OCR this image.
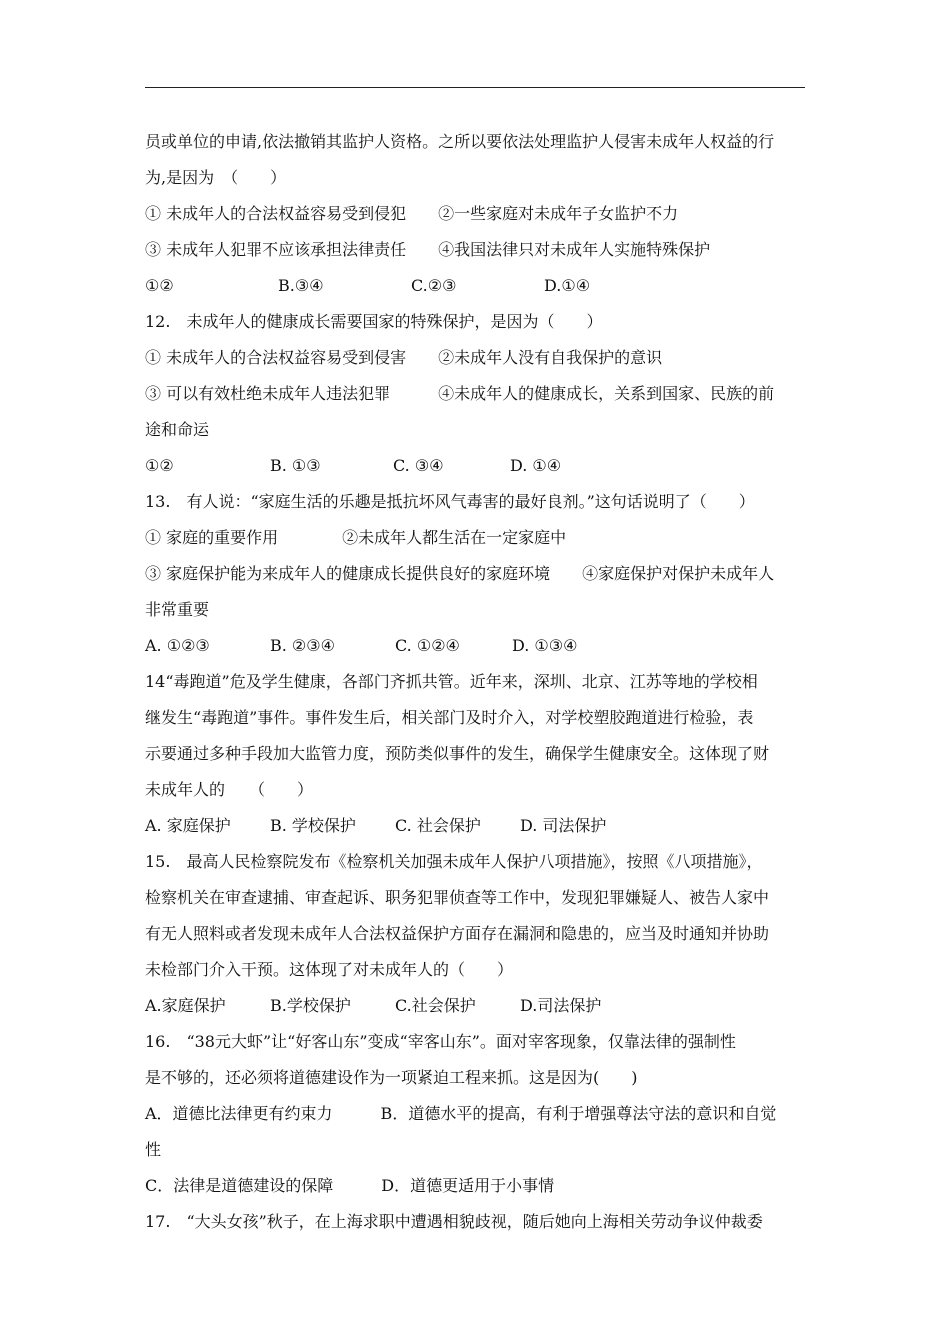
员或单位的申请,依法撤销其监护人资格。之所以要依法处理监护人侵害未成年人权益的行
为,是因为　（　　）
① 未成年人的合法权益容易受到侵犯　　②一些家庭对未成年子女监护不力
③ 未成年人犯罪不应该承担法律责任　　④我国法律只对未成年人实施特殊保护
①②	B.③④	C.②③	D.①④
12.　未成年人的健康成长需要国家的特殊保护，是因为（　　）
① 未成年人的合法权益容易受到侵害　　②未成年人没有自我保护的意识
③ 可以有效杜绝未成年人违法犯罪　　　④未成年人的健康成长，关系到国家、民族的前
途和命运
①②	B. ①③	C. ③④	D. ①④
13.　有人说：“家庭生活的乐趣是抵抗坏风气毒害的最好良剂。”这句话说明了（　　）
① 家庭的重要作用　　　　②未成年人都生活在一定家庭中
③ 家庭保护能为来成年人的健康成长提供良好的家庭环境　　④家庭保护对保护未成年人
非常重要
A. ①②③	B. ②③④	C. ①②④	D. ①③④
14“毒跑道”危及学生健康，各部门齐抓共管。近年来，深圳、北京、江苏等地的学校相
继发生“毒跑道”事件。事件发生后，相关部门及时介入，对学校塑胶跑道进行检验，表
示要通过多种手段加大监管力度，预防类似事件的发生，确保学生健康安全。这体现了财
未成年人的　　（　　）
A. 家庭保护	B. 学校保护	C. 社会保护	D. 司法保护
15.　最高人民检察院发布《检察机关加强未成年人保护八项措施》，按照《八项措施》，
检察机关在审查逮捕、审查起诉、职务犯罪侦查等工作中，发现犯罪嫌疑人、被告人家中
有无人照料或者发现未成年人合法权益保护方面存在漏洞和隐患的，应当及时通知并协助
未检部门介入干预。这体现了对未成年人的（　　）
A.家庭保护	B.学校保护	C.社会保护	D.司法保护
16.　“38元大虾”让“好客山东”变成“宰客山东”。面对宰客现象，仅靠法律的强制性
是不够的，还必须将道德建设作为一项紧迫工程来抓。这是因为(　　)
A．道德比法律更有约束力　　　B．道德水平的提高，有利于增强尊法守法的意识和自觉
性
C．法律是道德建设的保障　　　D．道德更适用于小事情
17.　“大头女孩”秋子，在上海求职中遭遇相貌歧视，随后她向上海相关劳动争议仲裁委
